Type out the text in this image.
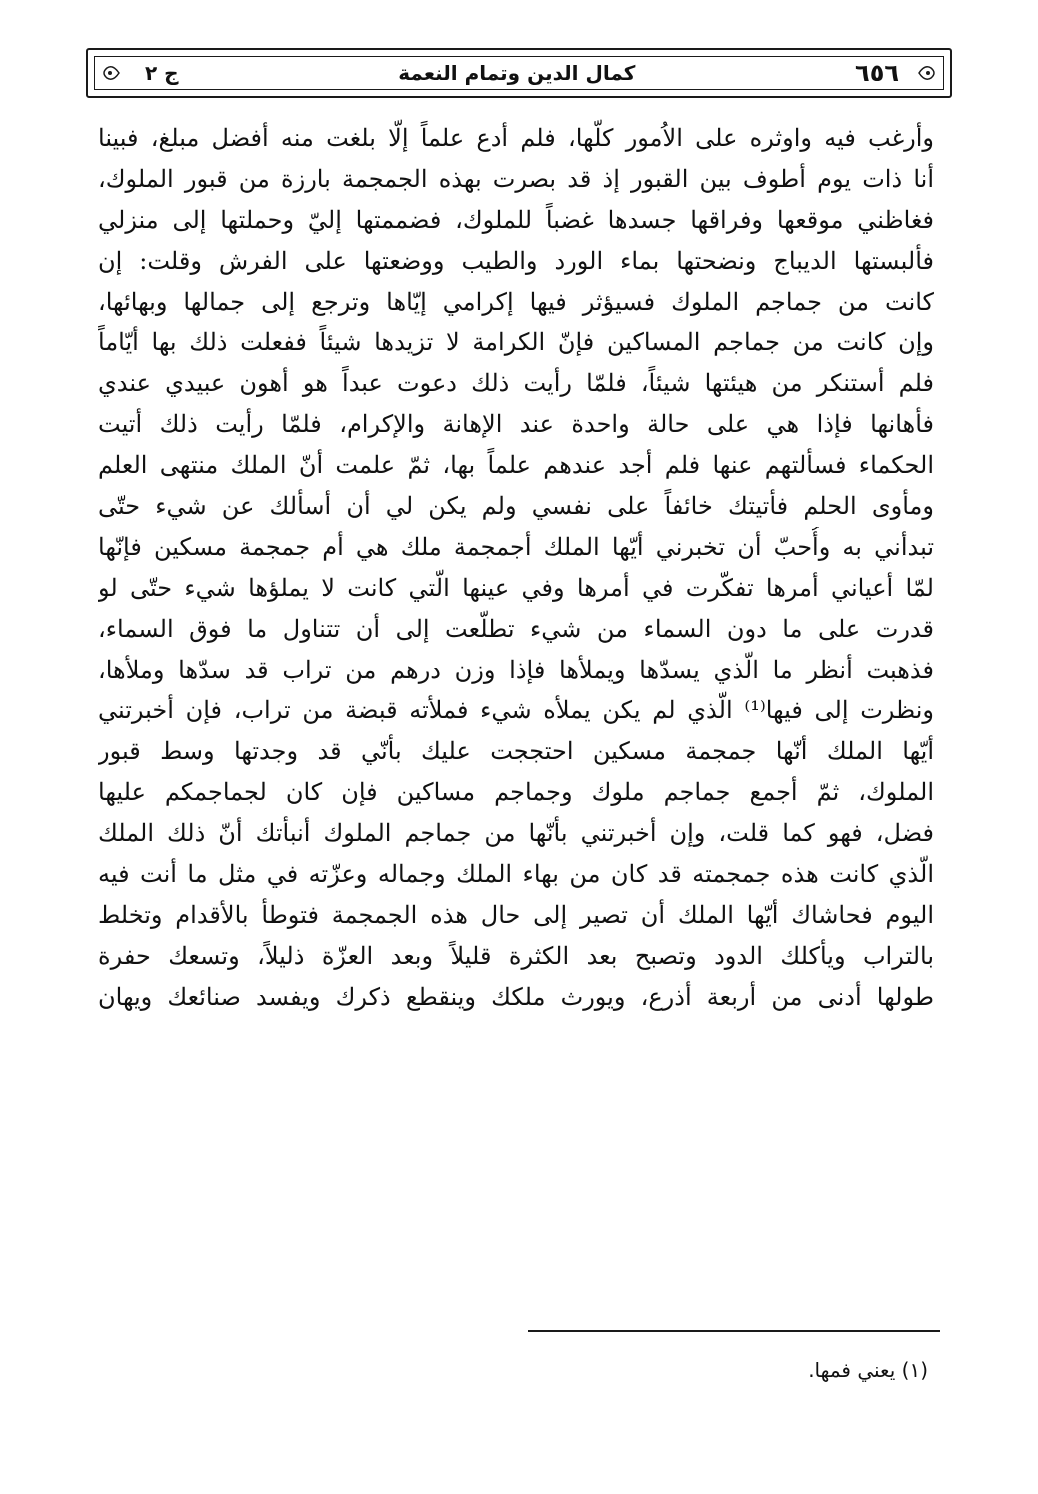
٦٥٦
كمال الدين وتمام النعمة
ج ٢
وأرغب فيه واوثره على الاُمور كلّها، فلم أدع علماً إلّا بلغت منه أفضل مبلغ، فبينا
أنا ذات يوم أطوف بين القبور إذ قد بصرت بهذه الجمجمة بارزة من قبور الملوك،
فغاظني موقعها وفراقها جسدها غضباً للملوك، فضممتها إليّ وحملتها إلى منزلي
فألبستها الديباج ونضحتها بماء الورد والطيب ووضعتها على الفرش وقلت: إن
كانت من جماجم الملوك فسيؤثر فيها إكرامي إيّاها وترجع إلى جمالها وبهائها،
وإن كانت من جماجم المساكين فإنّ الكرامة لا تزيدها شيئاً ففعلت ذلك بها أيّاماً
فلم أستنكر من هيئتها شيئاً، فلمّا رأيت ذلك دعوت عبداً هو أهون عبيدي عندي
فأهانها فإذا هي على حالة واحدة عند الإهانة والإكرام، فلمّا رأيت ذلك أتيت
الحكماء فسألتهم عنها فلم أجد عندهم علماً بها، ثمّ علمت أنّ الملك منتهى العلم
ومأوى الحلم فأتيتك خائفاً على نفسي ولم يكن لي أن أسألك عن شيء حتّى
تبدأني به وأُحبّ أن تخبرني أيّها الملك أجمجمة ملك هي أم جمجمة مسكين فإنّها
لمّا أعياني أمرها تفكّرت في أمرها وفي عينها الّتي كانت لا يملؤها شيء حتّى لو
قدرت على ما دون السماء من شيء تطلّعت إلى أن تتناول ما فوق السماء،
فذهبت أنظر ما الّذي يسدّها ويملأها فإذا وزن درهم من تراب قد سدّها وملأها،
ونظرت إلى فيها⁽¹⁾ الّذي لم يكن يملأه شيء فملأته قبضة من تراب، فإن أخبرتني
أيّها الملك أنّها جمجمة مسكين احتججت عليك بأنّي قد وجدتها وسط قبور
الملوك، ثمّ أجمع جماجم ملوك وجماجم مساكين فإن كان لجماجمكم عليها
فضل، فهو كما قلت، وإن أخبرتني بأنّها من جماجم الملوك أنبأتك أنّ ذلك الملك
الّذي كانت هذه جمجمته قد كان من بهاء الملك وجماله وعزّته في مثل ما أنت فيه
اليوم فحاشاك أيّها الملك أن تصير إلى حال هذه الجمجمة فتوطأ بالأقدام وتخلط
بالتراب ويأكلك الدود وتصبح بعد الكثرة قليلاً وبعد العزّة ذليلاً، وتسعك حفرة
طولها أدنى من أربعة أذرع، ويورث ملكك وينقطع ذكرك ويفسد صنائعك ويهان

(١) يعني فمها.
